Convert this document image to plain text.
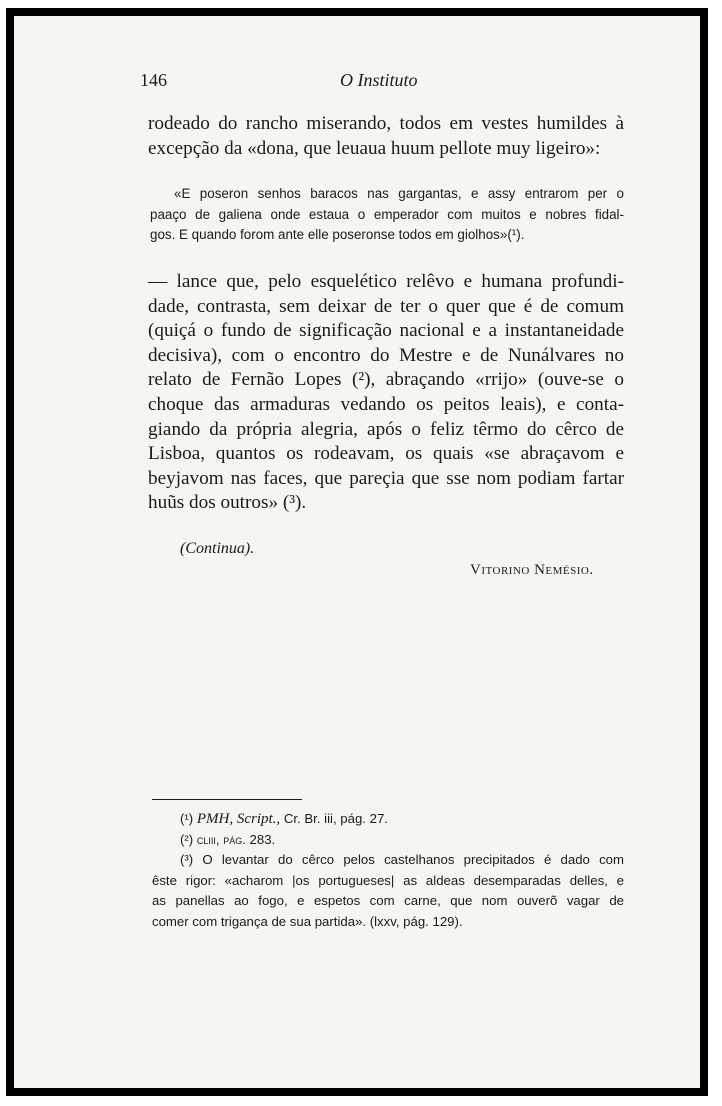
146	O Instituto
rodeado do rancho miserando, todos em vestes humildes à
excepção da «dona, que leuaua huum pellote muy ligeiro»:
«E poseron senhos baracos nas gargantas, e assy entrarom per o
paaço de galiena onde estaua o emperador com muitos e nobres fidal-
gos. E quando forom ante elle poseronse todos em giolhos»(¹).
— lance que, pelo esquelético relêvo e humana profundi-
dade, contrasta, sem deixar de ter o quer que é de comum
(quiçá o fundo de significação nacional e a instantaneidade
decisiva), com o encontro do Mestre e de Nunálvares no
relato de Fernão Lopes (²), abraçando «rrijo» (ouve-se o
choque das armaduras vedando os peitos leais), e conta-
giando da própria alegria, após o feliz têrmo do cêrco de
Lisboa, quantos os rodeavam, os quais «se abraçavom e
beyjavom nas faces, que pareçia que sse nom podiam fartar
huũs dos outros» (³).
(Continua).
Vitorino Nemésio.
(¹) PMH, Script., Cr. Br. iii, pág. 27.
(²) cliii, pág. 283.
(³) O levantar do cêrco pelos castelhanos precipitados é dado com
êste rigor: «acharom |os portugueses| as aldeas desemparadas delles, e
as panellas ao fogo, e espetos com carne, que nom ouverõ vagar de
comer com trigança de sua partida». (lxxv, pág. 129).
